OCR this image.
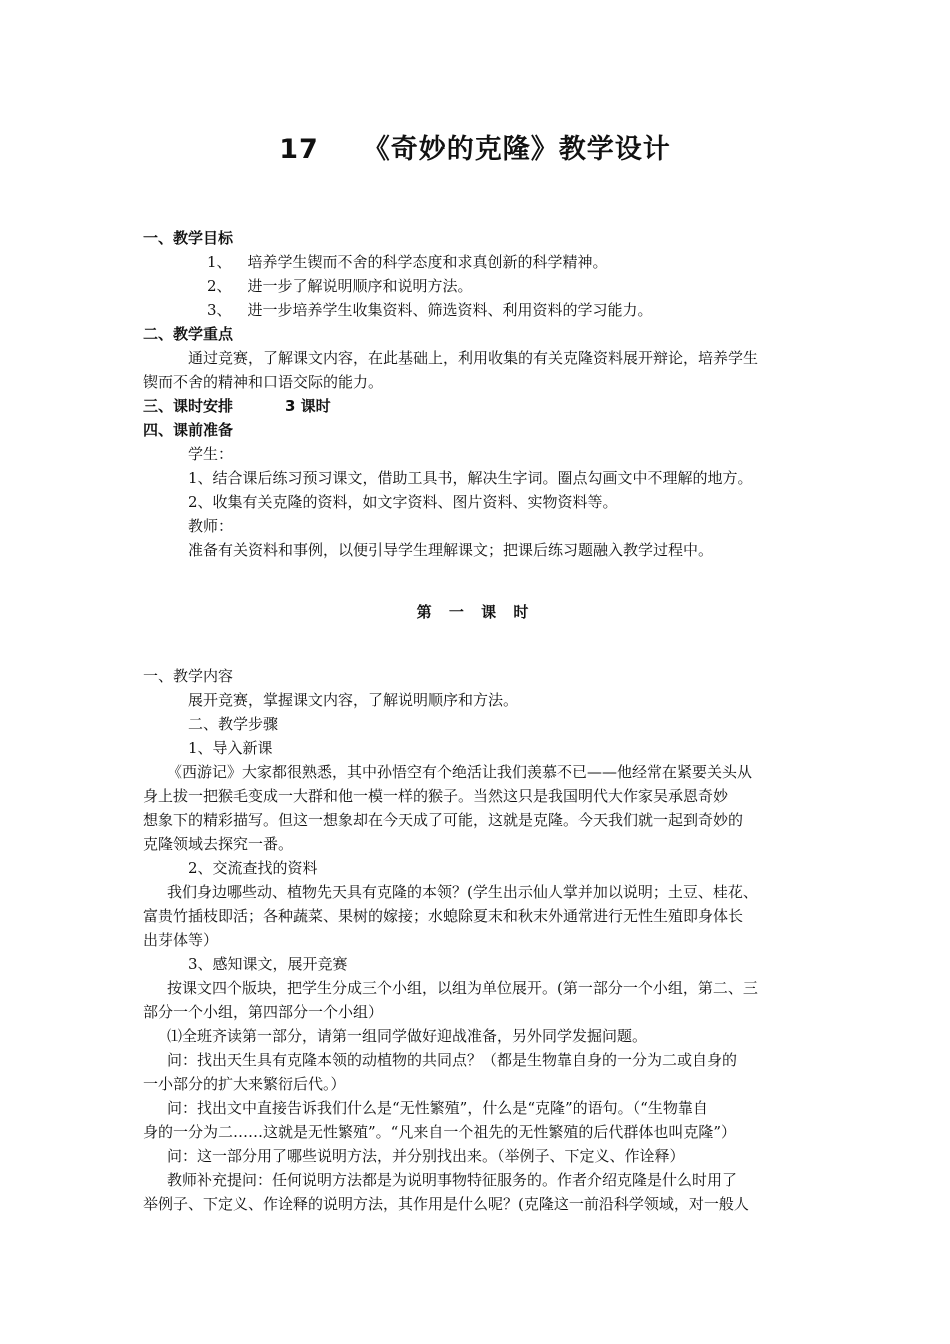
17 《奇妙的克隆》教学设计
一、教学目标
1、 培养学生锲而不舍的科学态度和求真创新的科学精神。
2、 进一步了解说明顺序和说明方法。
3、 进一步培养学生收集资料、筛选资料、利用资料的学习能力。
二、教学重点
通过竞赛，了解课文内容，在此基础上，利用收集的有关克隆资料展开辩论，培养学生
锲而不舍的精神和口语交际的能力。
三、课时安排	3 课时
四、课前准备
学生：
1、结合课后练习预习课文，借助工具书，解决生字词。圈点勾画文中不理解的地方。
2、收集有关克隆的资料，如文字资料、图片资料、实物资料等。
教师：
准备有关资料和事例，以便引导学生理解课文；把课后练习题融入教学过程中。
第 一 课 时
一、教学内容
展开竞赛，掌握课文内容，了解说明顺序和方法。
二、教学步骤
1、导入新课
《西游记》大家都很熟悉，其中孙悟空有个绝活让我们羡慕不已——他经常在紧要关头从
身上拔一把猴毛变成一大群和他一模一样的猴子。当然这只是我国明代大作家吴承恩奇妙
想象下的精彩描写。但这一想象却在今天成了可能，这就是克隆。今天我们就一起到奇妙的
克隆领域去探究一番。
2、交流查找的资料
我们身边哪些动、植物先天具有克隆的本领？(学生出示仙人掌并加以说明；土豆、桂花、
富贵竹插枝即活；各种蔬菜、果树的嫁接；水螅除夏末和秋末外通常进行无性生殖即身体长
出芽体等）
3、感知课文，展开竞赛
按课文四个版块，把学生分成三个小组，以组为单位展开。(第一部分一个小组，第二、三
部分一个小组，第四部分一个小组）
⑴全班齐读第一部分，请第一组同学做好迎战准备，另外同学发掘问题。
问：找出天生具有克隆本领的动植物的共同点？（都是生物靠自身的一分为二或自身的
一小部分的扩大来繁衍后代。）
问：找出文中直接告诉我们什么是“无性繁殖”，什么是“克隆”的语句。（“生物靠自
身的一分为二……这就是无性繁殖”。“凡来自一个祖先的无性繁殖的后代群体也叫克隆”）
问：这一部分用了哪些说明方法，并分别找出来。（举例子、下定义、作诠释）
教师补充提问：任何说明方法都是为说明事物特征服务的。作者介绍克隆是什么时用了
举例子、下定义、作诠释的说明方法，其作用是什么呢？(克隆这一前沿科学领域，对一般人
